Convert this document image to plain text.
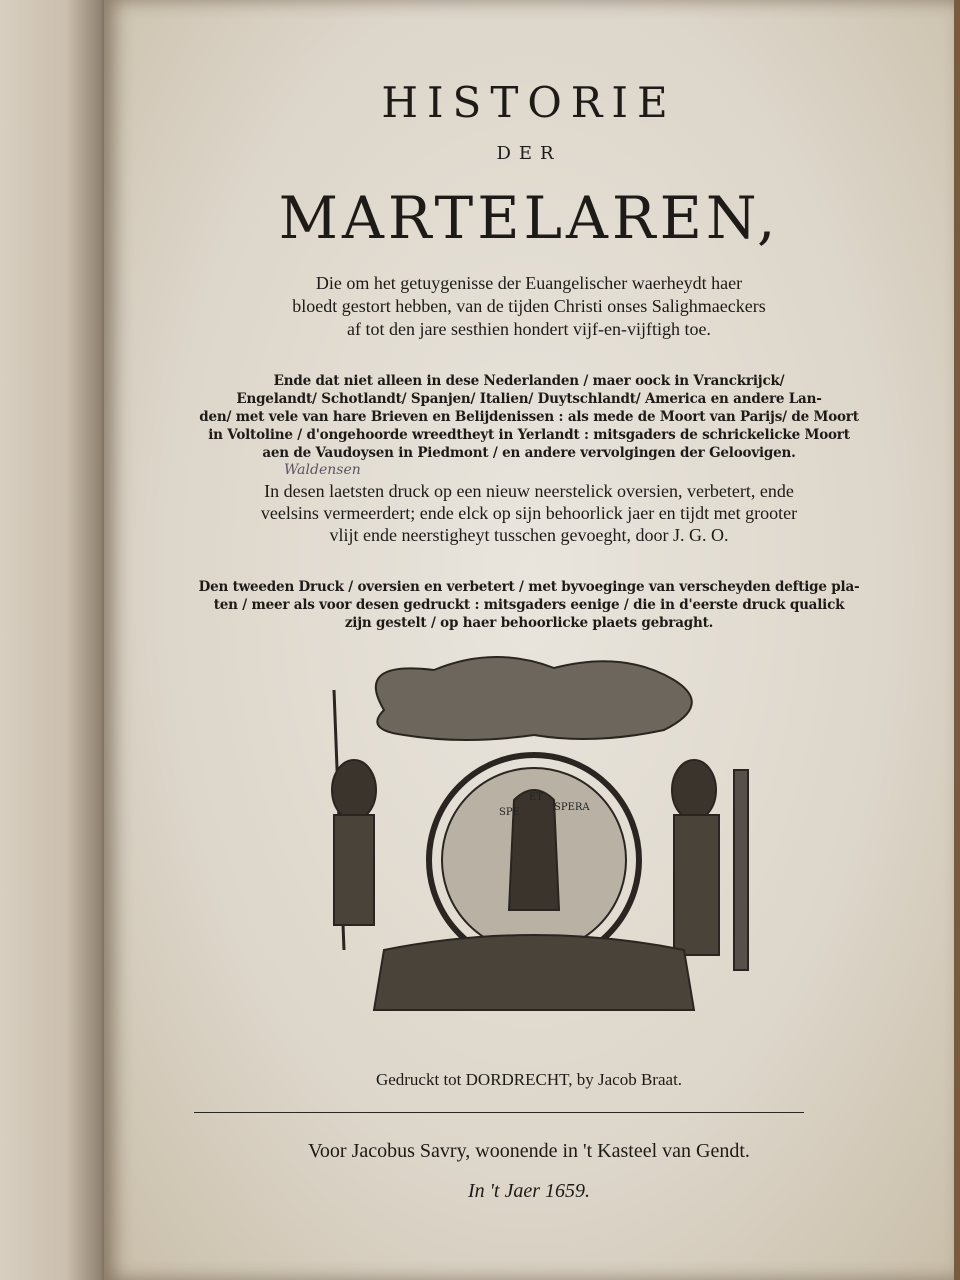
HISTORIE
DER
MARTELAREN,
Die om het getuygenisse der Euangelischer waerheydt haer
bloedt gestort hebben, van de tijden Christi onses Salighmaeckers
af tot den jare sesthien hondert vijf-en-vijftigh toe.
Ende dat niet alleen in dese Nederlanden / maer oock in Vranckrijck/
Engelandt/ Schotlandt/ Spanjen/ Italien/ Duytschlandt/ America en andere Lan-
den/ met vele van hare Brieven en Belijdenissen : als mede de Moort van Parijs/ de Moort
in Voltoline / d'ongehoorde wreedtheyt in Yerlandt : mitsgaders de schrickelicke Moort
aen de Vaudoysen in Piedmont / en andere vervolgingen der Geloovigen.
Waldensen
In desen laetsten druck op een nieuw neerstelick oversien, verbetert, ende
veelsins vermeerdert; ende elck op sijn behoorlick jaer en tijdt met grooter
vlijt ende neerstigheyt tusschen gevoeght, door J. G. O.
Den tweeden Druck / oversien en verbetert / met byvoeginge van verscheyden deftige pla-
ten / meer als voor desen gedruckt : mitsgaders eenige / die in d'eerste druck qualick
zijn gestelt / op haer behoorlicke plaets gebraght.
SPE
ET
SPERA
Gedruckt tot DORDRECHT, by Jacob Braat.
Voor Jacobus Savry, woonende in 't Kasteel van Gendt.
In 't Jaer 1659.
